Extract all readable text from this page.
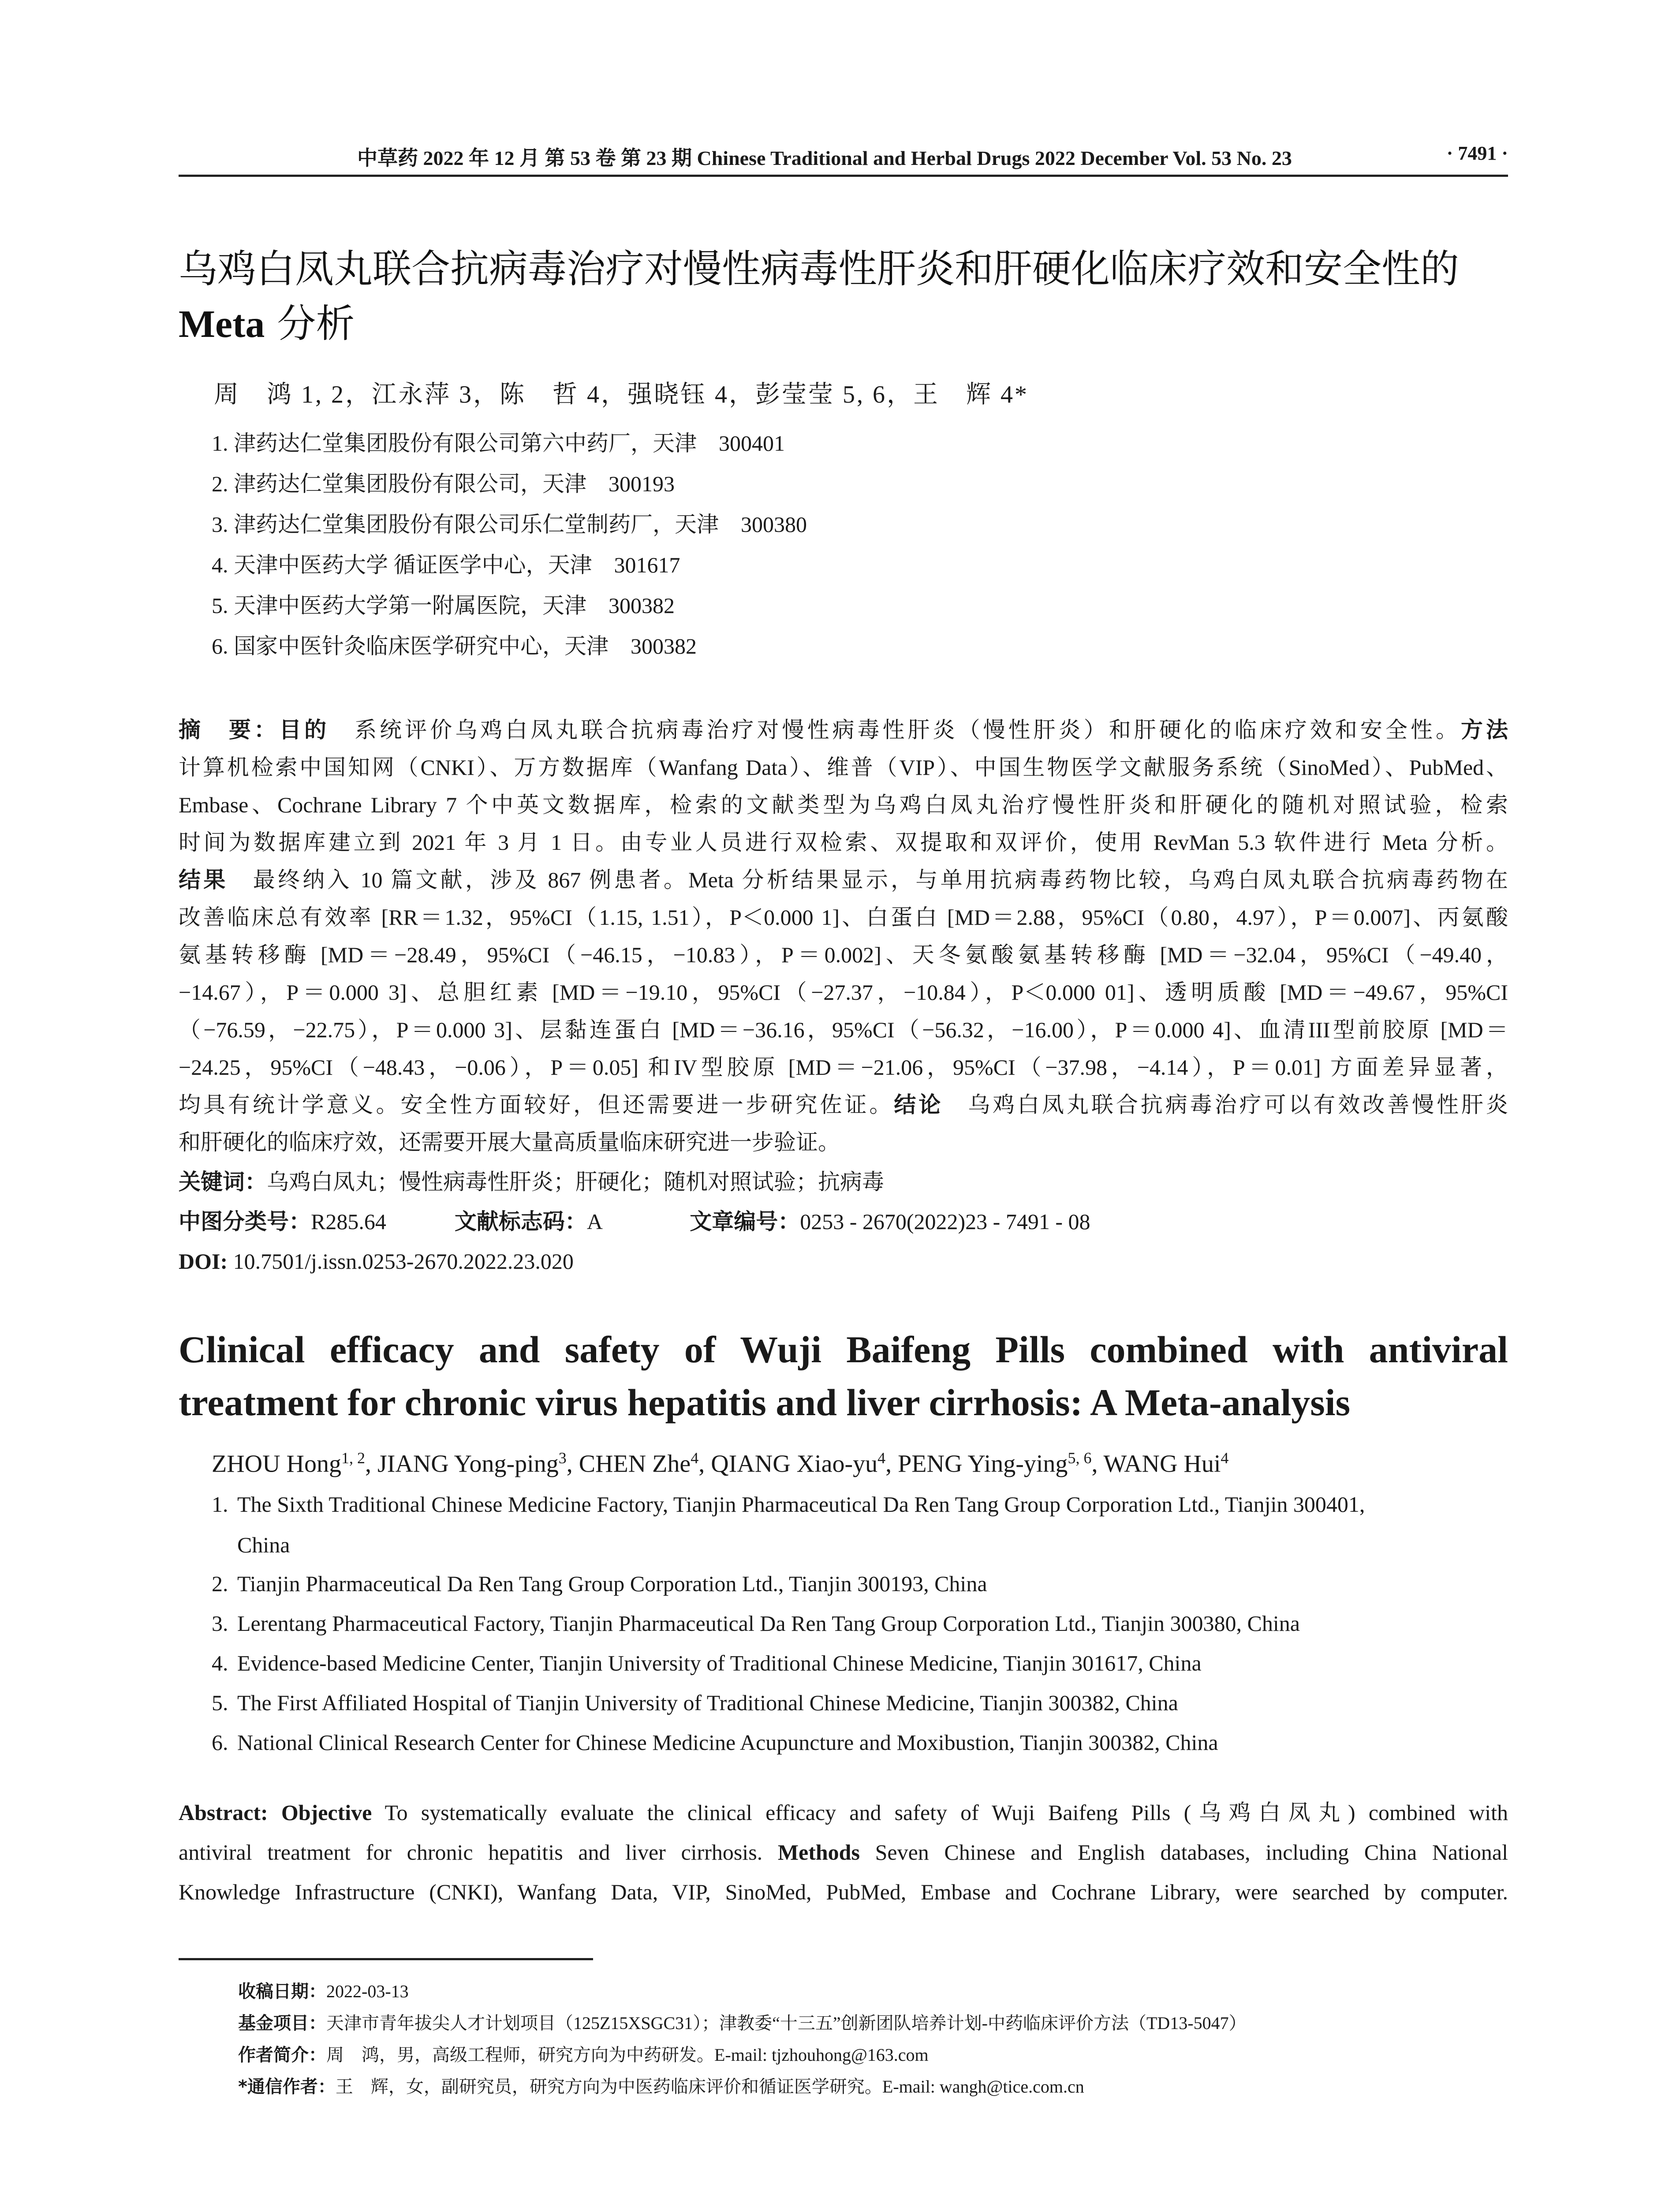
中草药 2022 年 12 月 第 53 卷 第 23 期 Chinese Traditional and Herbal Drugs 2022 December Vol. 53 No. 23	· 7491 ·
乌鸡白凤丸联合抗病毒治疗对慢性病毒性肝炎和肝硬化临床疗效和安全性的
Meta 分析
周　鸿 1, 2，江永萍 3，陈　哲 4，强晓钰 4，彭莹莹 5, 6，王　辉 4*
1. 津药达仁堂集团股份有限公司第六中药厂，天津　300401
2. 津药达仁堂集团股份有限公司，天津　300193
3. 津药达仁堂集团股份有限公司乐仁堂制药厂，天津　300380
4. 天津中医药大学 循证医学中心，天津　301617
5. 天津中医药大学第一附属医院，天津　300382
6. 国家中医针灸临床医学研究中心，天津　300382
摘　要：目的　系统评价乌鸡白凤丸联合抗病毒治疗对慢性病毒性肝炎（慢性肝炎）和肝硬化的临床疗效和安全性。方法
计算机检索中国知网（CNKI）、万方数据库（Wanfang Data）、维普（VIP）、中国生物医学文献服务系统（SinoMed）、PubMed、
Embase、Cochrane Library 7 个中英文数据库，检索的文献类型为乌鸡白凤丸治疗慢性肝炎和肝硬化的随机对照试验，检索
时间为数据库建立到 2021 年 3 月 1 日。由专业人员进行双检索、双提取和双评价，使用 RevMan 5.3 软件进行 Meta 分析。
结果　最终纳入 10 篇文献，涉及 867 例患者。Meta 分析结果显示，与单用抗病毒药物比较，乌鸡白凤丸联合抗病毒药物在
改善临床总有效率 [RR＝1.32，95%CI（1.15, 1.51），P＜0.000 1]、白蛋白 [MD＝2.88，95%CI（0.80，4.97），P＝0.007]、丙氨酸
氨基转移酶 [MD＝−28.49，95%CI（−46.15，−10.83），P＝0.002]、天冬氨酸氨基转移酶 [MD＝−32.04，95%CI（−49.40，
−14.67），P＝0.000 3]、总胆红素 [MD＝−19.10，95%CI（−27.37，−10.84），P＜0.000 01]、透明质酸 [MD＝−49.67，95%CI
（−76.59，−22.75），P＝0.000 3]、层黏连蛋白 [MD＝−36.16，95%CI（−56.32，−16.00），P＝0.000 4]、血清III型前胶原 [MD＝
−24.25，95%CI（−48.43，−0.06），P＝0.05] 和IV型胶原 [MD＝−21.06，95%CI（−37.98，−4.14），P＝0.01] 方面差异显著，
均具有统计学意义。安全性方面较好，但还需要进一步研究佐证。结论　乌鸡白凤丸联合抗病毒治疗可以有效改善慢性肝炎
和肝硬化的临床疗效，还需要开展大量高质量临床研究进一步验证。
关键词：乌鸡白凤丸；慢性病毒性肝炎；肝硬化；随机对照试验；抗病毒
中图分类号：R285.64	文献标志码：A	文章编号：0253 - 2670(2022)23 - 7491 - 08
DOI: 10.7501/j.issn.0253-2670.2022.23.020
Clinical efficacy and safety of Wuji Baifeng Pills combined with antiviral
treatment for chronic virus hepatitis and liver cirrhosis: A Meta-analysis
ZHOU Hong$^{1, 2}$, JIANG Yong-ping$^3$, CHEN Zhe$^4$, QIANG Xiao-$yu^4$, PENG Ying-ying$^{5, 6}$, WANG Hui$^4$
1. The Sixth Traditional Chinese Medicine Factory, Tianjin Pharmaceutical Da Ren Tang Group Corporation Ltd., Tianjin 300401,
China
2. Tianjin Pharmaceutical Da Ren Tang Group Corporation Ltd., Tianjin 300193, China
3. Lerentang Pharmaceutical Factory, Tianjin Pharmaceutical Da Ren Tang Group Corporation Ltd., Tianjin 300380, China
4. Evidence-based Medicine Center, Tianjin University of Traditional Chinese Medicine, Tianjin 301617, China
5. The First Affiliated Hospital of Tianjin University of Traditional Chinese Medicine, Tianjin 300382, China
6. National Clinical Research Center for Chinese Medicine Acupuncture and Moxibustion, Tianjin 300382, China
Abstract: Objective To systematically evaluate the clinical efficacy and safety of Wuji Baifeng Pills (乌鸡白凤丸) combined with
antiviral treatment for chronic hepatitis and liver cirrhosis. Methods Seven Chinese and English databases, including China National
Knowledge Infrastructure (CNKI), Wanfang Data, VIP, SinoMed, PubMed, Embase and Cochrane Library, were searched by computer.
收稿日期：2022-03-13
基金项目：天津市青年拔尖人才计划项目（125Z15XSGC31）；津教委“十三五”创新团队培养计划-中药临床评价方法（TD13-5047）
作者简介：周　鸿，男，高级工程师，研究方向为中药研发。E-mail: tjzhouhong@163.com
*通信作者：王　辉，女，副研究员，研究方向为中医药临床评价和循证医学研究。E-mail: wangh@tice.com.cn
